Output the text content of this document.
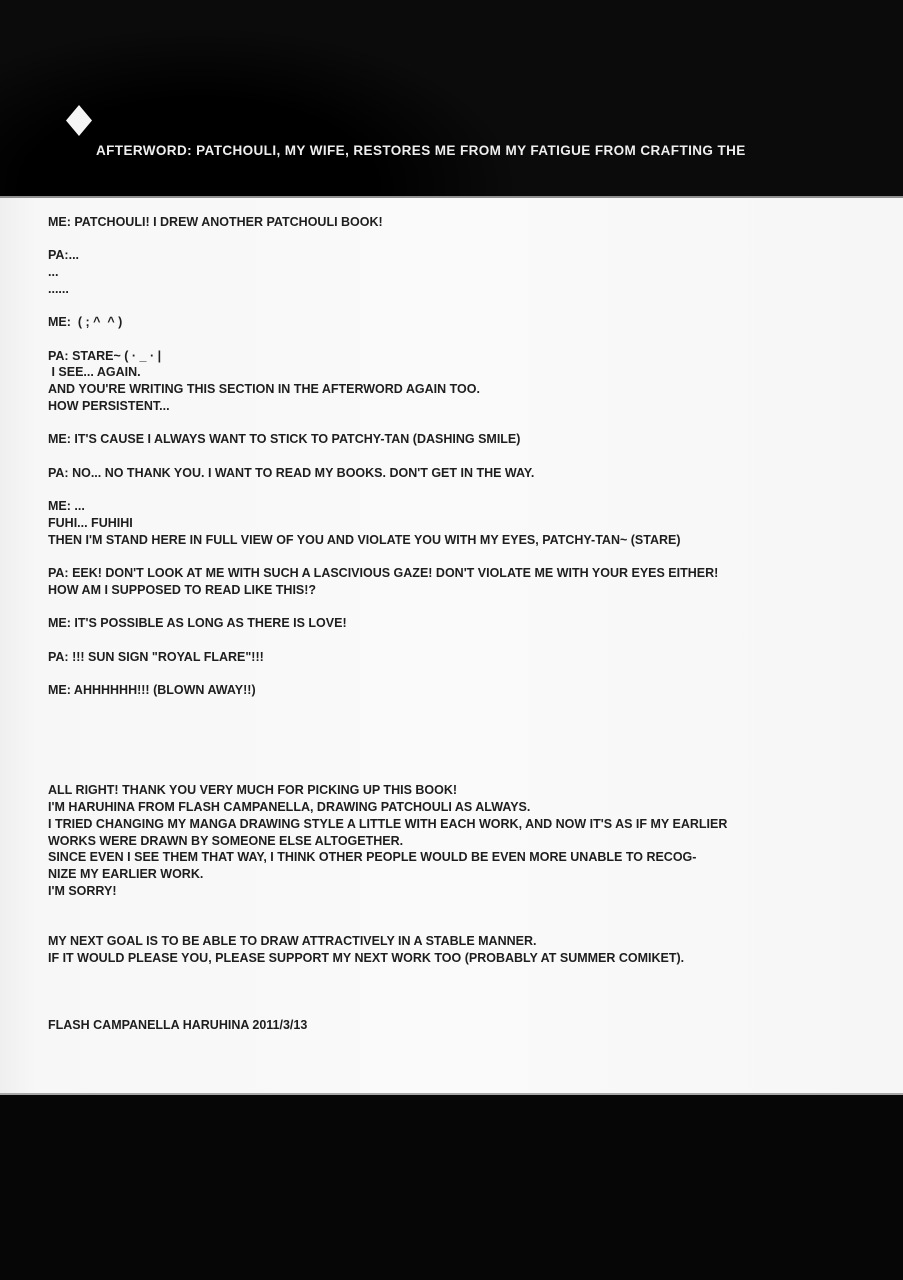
AFTERWORD: PATCHOULI, MY WIFE, RESTORES ME FROM MY FATIGUE FROM CRAFTING THE

ME: PATCHOULI! I DREW ANOTHER PATCHOULI BOOK!
PA:...
...
......
ME:  ( ; ^  ^ )
PA: STARE~ ( · _ · |
I SEE... AGAIN.
AND YOU'RE WRITING THIS SECTION IN THE AFTERWORD AGAIN TOO.
HOW PERSISTENT...
ME: IT'S CAUSE I ALWAYS WANT TO STICK TO PATCHY-TAN (DASHING SMILE)
PA: NO... NO THANK YOU. I WANT TO READ MY BOOKS. DON'T GET IN THE WAY.
ME: ...
FUHI... FUHIHI
THEN I'M STAND HERE IN FULL VIEW OF YOU AND VIOLATE YOU WITH MY EYES, PATCHY-TAN~ (STARE)
PA: EEK! DON'T LOOK AT ME WITH SUCH A LASCIVIOUS GAZE! DON'T VIOLATE ME WITH YOUR EYES EITHER!
HOW AM I SUPPOSED TO READ LIKE THIS!?
ME: IT'S POSSIBLE AS LONG AS THERE IS LOVE!
PA: !!! SUN SIGN "ROYAL FLARE"!!!
ME: AHHHHHH!!! (BLOWN AWAY!!)
ALL RIGHT! THANK YOU VERY MUCH FOR PICKING UP THIS BOOK!
I'M HARUHINA FROM FLASH CAMPANELLA, DRAWING PATCHOULI AS ALWAYS.
I TRIED CHANGING MY MANGA DRAWING STYLE A LITTLE WITH EACH WORK, AND NOW IT'S AS IF MY EARLIER
WORKS WERE DRAWN BY SOMEONE ELSE ALTOGETHER.
SINCE EVEN I SEE THEM THAT WAY, I THINK OTHER PEOPLE WOULD BE EVEN MORE UNABLE TO RECOG-
NIZE MY EARLIER WORK.
I'M SORRY!
MY NEXT GOAL IS TO BE ABLE TO DRAW ATTRACTIVELY IN A STABLE MANNER.
IF IT WOULD PLEASE YOU, PLEASE SUPPORT MY NEXT WORK TOO (PROBABLY AT SUMMER COMIKET).
FLASH CAMPANELLA HARUHINA 2011/3/13
